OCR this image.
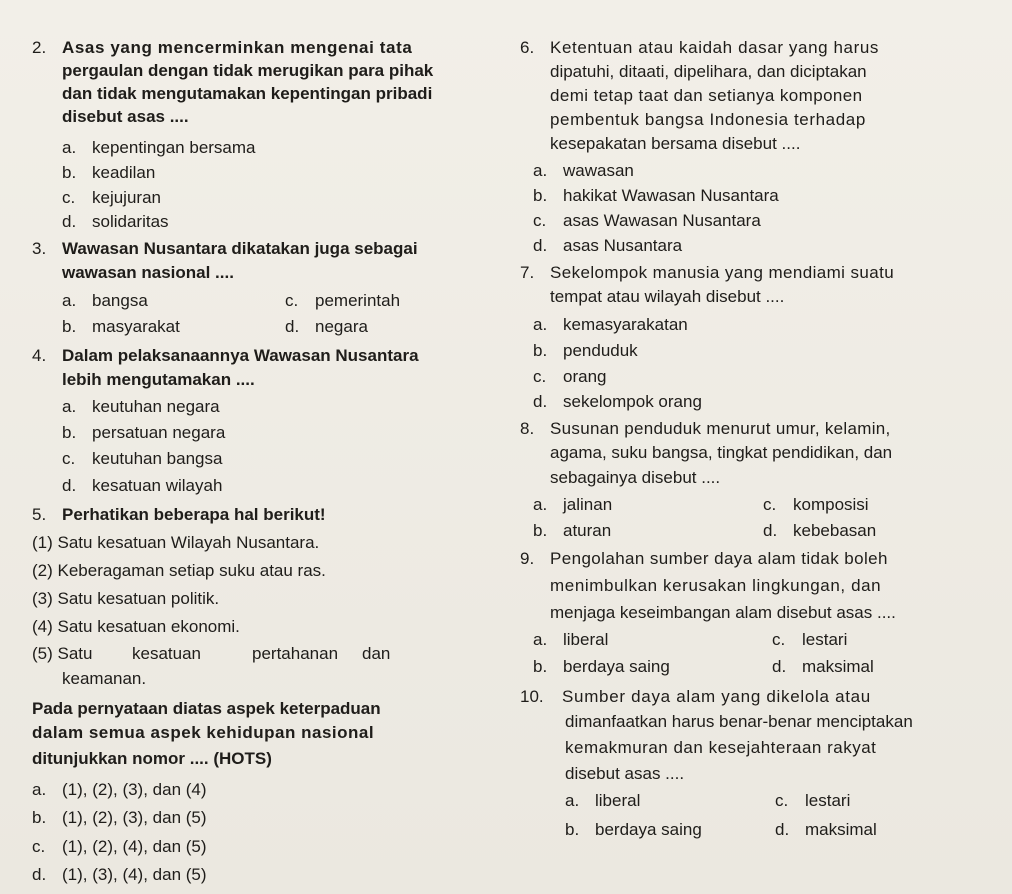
2. Asas yang mencerminkan mengenai tata
pergaulan dengan tidak merugikan para pihak
dan tidak mengutamakan kepentingan pribadi
disebut asas ....
a. kepentingan bersama
b. keadilan
c. kejujuran
d. solidaritas
3. Wawasan Nusantara dikatakan juga sebagai
wawasan nasional ....
a. bangsa	c. pemerintah
b. masyarakat	d. negara
4. Dalam pelaksanaannya Wawasan Nusantara
lebih mengutamakan ....
a. keutuhan negara
b. persatuan negara
c. keutuhan bangsa
d. kesatuan wilayah
5. Perhatikan beberapa hal berikut!
(1) Satu kesatuan Wilayah Nusantara.
(2) Keberagaman setiap suku atau ras.
(3) Satu kesatuan politik.
(4) Satu kesatuan ekonomi.
(5) Satu kesatuan	pertahanan dan
keamanan.
Pada pernyataan diatas aspek keterpaduan
dalam semua aspek kehidupan nasional
ditunjukkan nomor .... (HOTS)
a. (1), (2), (3), dan (4)
b. (1), (2), (3), dan (5)
c. (1), (2), (4), dan (5)
d. (1), (3), (4), dan (5)
6. Ketentuan atau kaidah dasar yang harus
dipatuhi, ditaati, dipelihara, dan diciptakan
demi tetap taat dan setianya komponen
pembentuk bangsa Indonesia terhadap
kesepakatan bersama disebut ....
a. wawasan
b. hakikat Wawasan Nusantara
c. asas Wawasan Nusantara
d. asas Nusantara
7. Sekelompok manusia yang mendiami suatu
tempat atau wilayah disebut ....
a. kemasyarakatan
b. penduduk
c. orang
d. sekelompok orang
8. Susunan penduduk menurut umur, kelamin,
agama, suku bangsa, tingkat pendidikan, dan
sebagainya disebut ....
a. jalinan	c. komposisi
b. aturan	d. kebebasan
9. Pengolahan sumber daya alam tidak boleh
menimbulkan kerusakan lingkungan, dan
menjaga keseimbangan alam disebut asas ....
a. liberal	c. lestari
b. berdaya saing	d. maksimal
10. Sumber daya alam yang dikelola atau
dimanfaatkan harus benar-benar menciptakan
kemakmuran dan kesejahteraan rakyat
disebut asas ....
a. liberal	c. lestari
b. berdaya saing	d. maksimal
